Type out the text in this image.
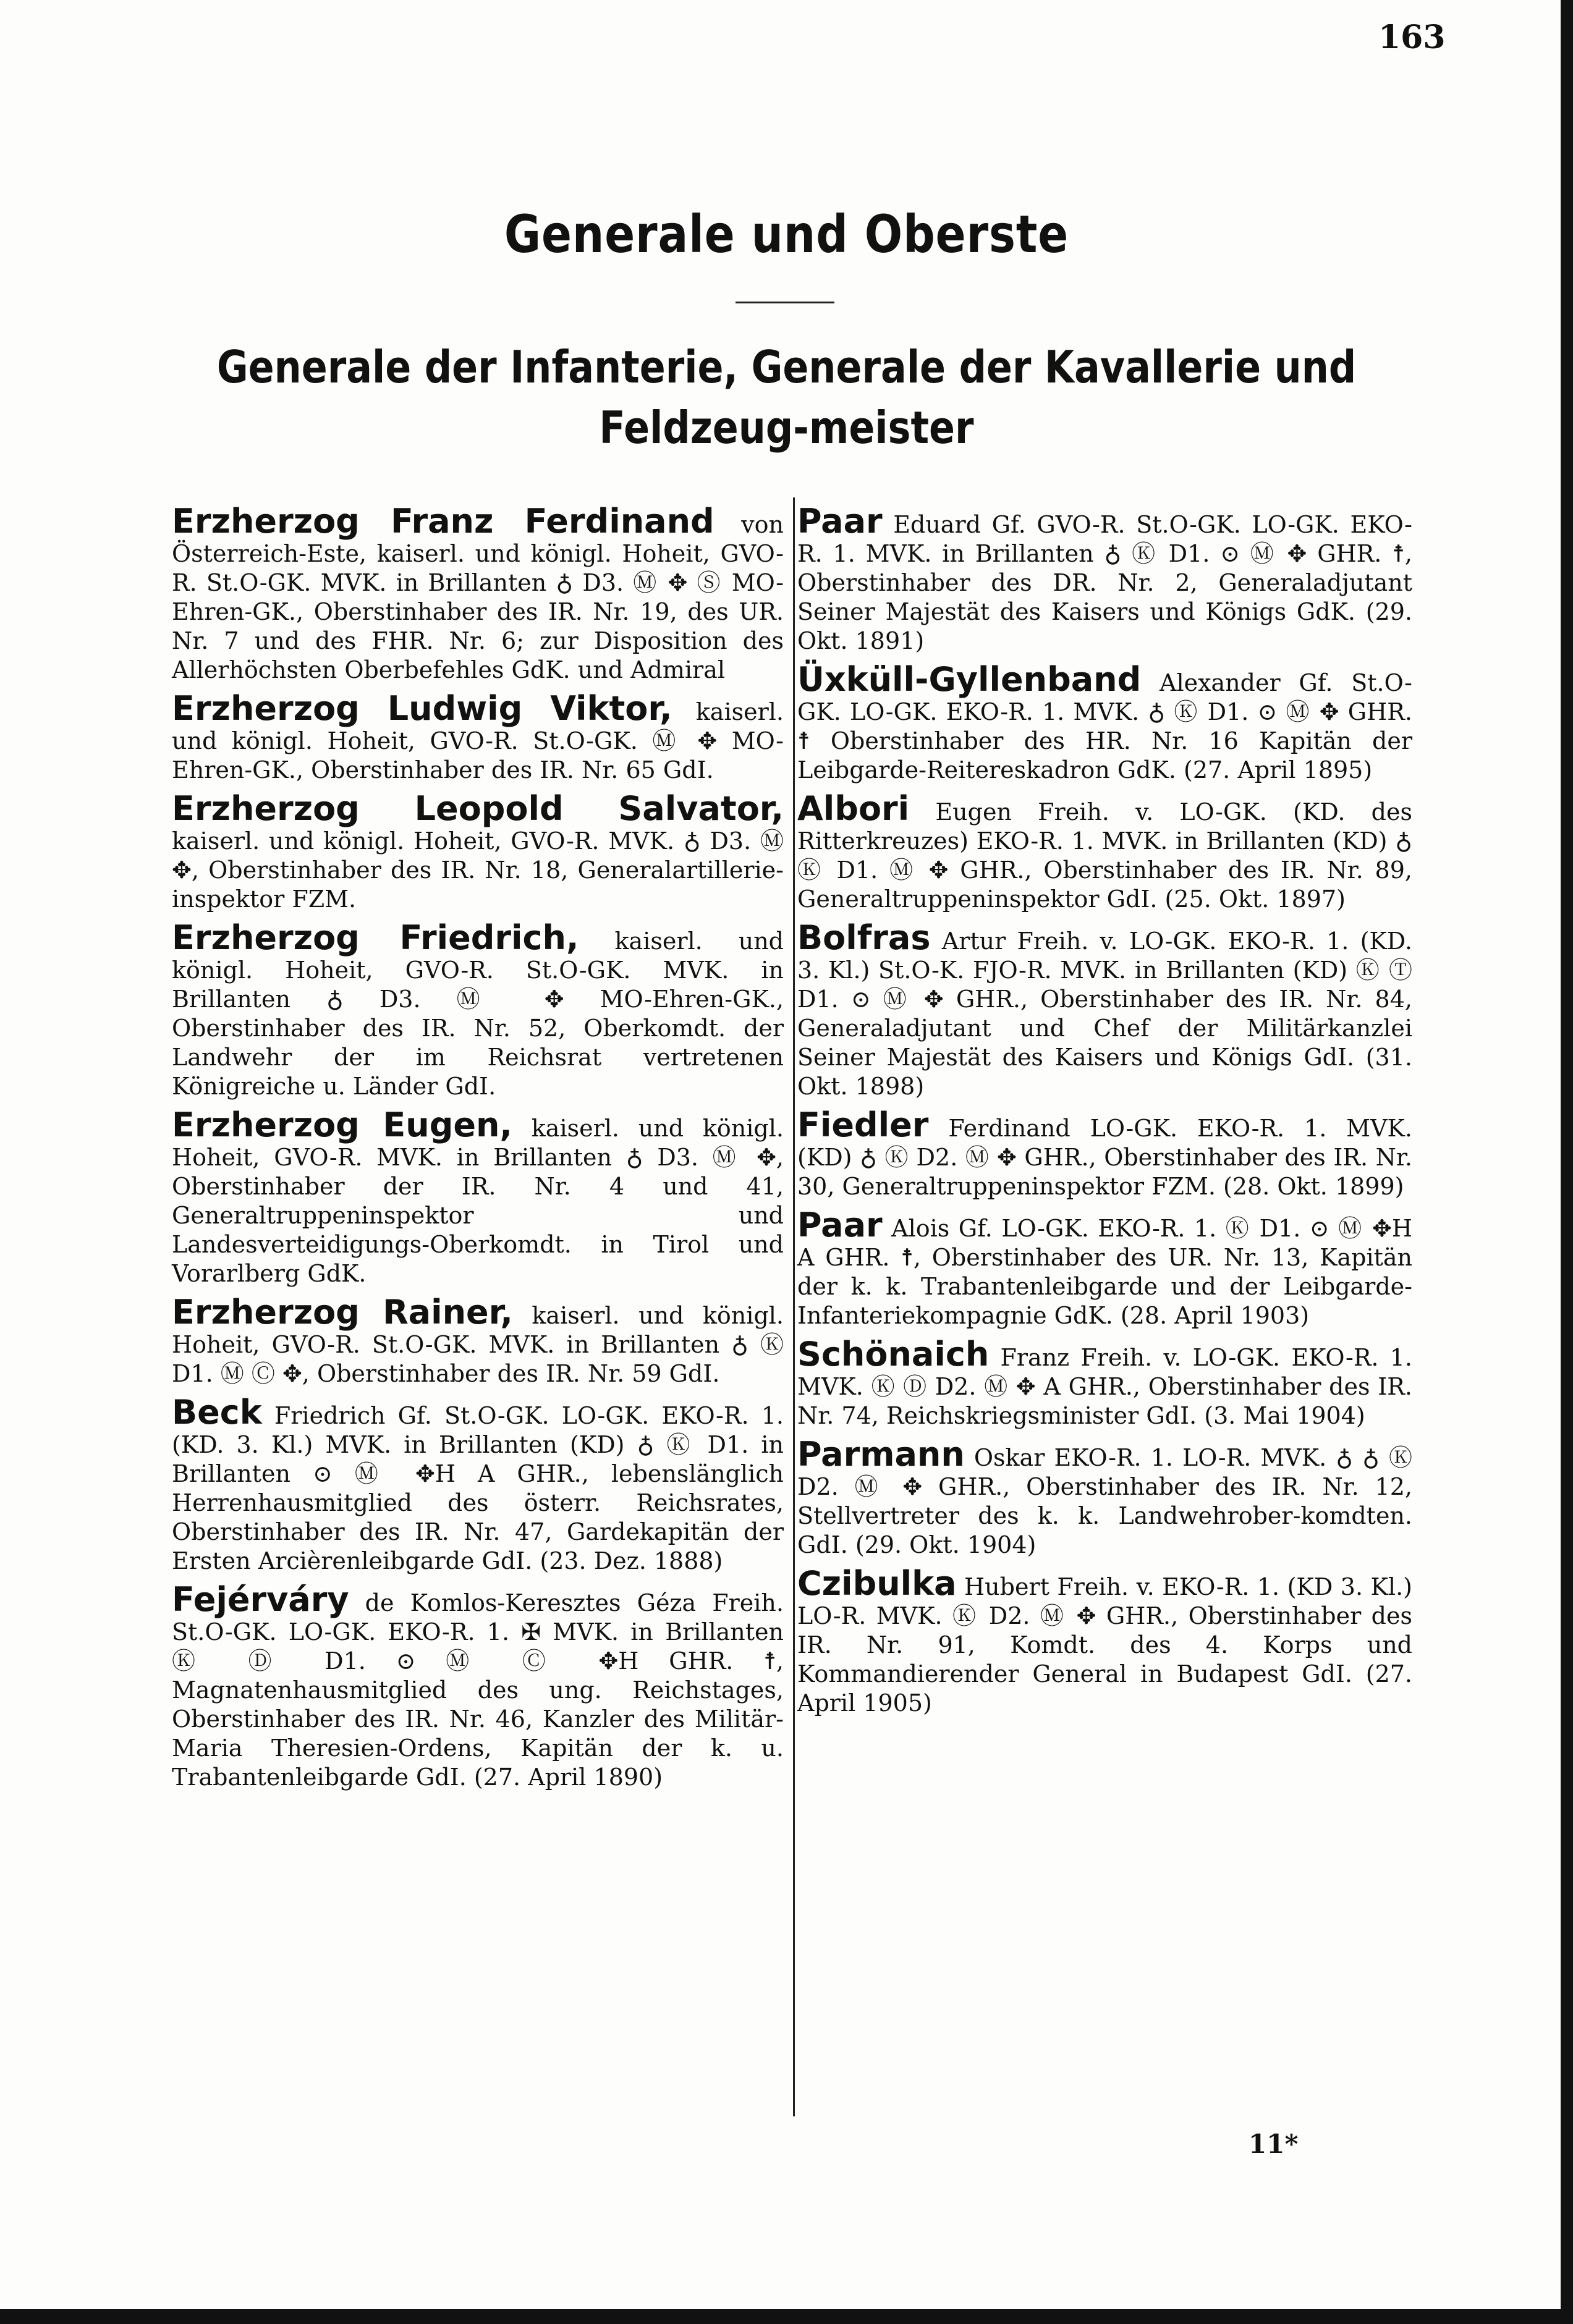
163
Generale und Oberste
Generale der Infanterie, Generale der Kavallerie und Feldzeug-meister
Erzherzog Franz Ferdinand von Österreich-Este, kaiserl. und königl. Hoheit, GVO-R. St.O-GK. MVK. in Brillanten ♁ D3. Ⓜ ✥ Ⓢ MO-Ehren-GK., Oberstinhaber des IR. Nr. 19, des UR. Nr. 7 und des FHR. Nr. 6; zur Disposition des Allerhöchsten Oberbefehles GdK. und Admiral
Erzherzog Ludwig Viktor, kaiserl. und königl. Hoheit, GVO-R. St.O-GK. Ⓜ ✥ MO-Ehren-GK., Oberstinhaber des IR. Nr. 65 GdI.
Erzherzog Leopold Salvator, kaiserl. und königl. Hoheit, GVO-R. MVK. ♁ D3. Ⓜ ✥, Oberstinhaber des IR. Nr. 18, Generalartillerie-inspektor FZM.
Erzherzog Friedrich, kaiserl. und königl. Hoheit, GVO-R. St.O-GK. MVK. in Brillanten ♁ D3. Ⓜ ✥ MO-Ehren-GK., Oberstinhaber des IR. Nr. 52, Oberkomdt. der Landwehr der im Reichsrat vertretenen Königreiche u. Länder GdI.
Erzherzog Eugen, kaiserl. und königl. Hoheit, GVO-R. MVK. in Brillanten ♁ D3. Ⓜ ✥, Oberstinhaber der IR. Nr. 4 und 41, Generaltruppeninspektor und Landesverteidigungs-Oberkomdt. in Tirol und Vorarlberg GdK.
Erzherzog Rainer, kaiserl. und königl. Hoheit, GVO-R. St.O-GK. MVK. in Brillanten ♁ Ⓚ D1. Ⓜ Ⓒ ✥, Oberstinhaber des IR. Nr. 59 GdI.
Beck Friedrich Gf. St.O-GK. LO-GK. EKO-R. 1. (KD. 3. Kl.) MVK. in Brillanten (KD) ♁ Ⓚ D1. in Brillanten ⊙ Ⓜ ✥H A GHR., lebenslänglich Herrenhausmitglied des österr. Reichsrates, Oberstinhaber des IR. Nr. 47, Gardekapitän der Ersten Arcièrenleibgarde GdI. (23. Dez. 1888)
Fejérváry de Komlos-Keresztes Géza Freih. St.O-GK. LO-GK. EKO-R. 1. ✠ MVK. in Brillanten Ⓚ Ⓓ D1. ⊙ Ⓜ Ⓒ ✥H GHR. ☨, Magnatenhausmitglied des ung. Reichstages, Oberstinhaber des IR. Nr. 46, Kanzler des Militär-Maria Theresien-Ordens, Kapitän der k. u. Trabantenleibgarde GdI. (27. April 1890)
Paar Eduard Gf. GVO-R. St.O-GK. LO-GK. EKO-R. 1. MVK. in Brillanten ♁ Ⓚ D1. ⊙ Ⓜ ✥ GHR. ☨, Oberstinhaber des DR. Nr. 2, Generaladjutant Seiner Majestät des Kaisers und Königs GdK. (29. Okt. 1891)
Üxküll-Gyllenband Alexander Gf. St.O-GK. LO-GK. EKO-R. 1. MVK. ♁ Ⓚ D1. ⊙ Ⓜ ✥ GHR. ☨ Oberstinhaber des HR. Nr. 16 Kapitän der Leibgarde-Reitereskadron GdK. (27. April 1895)
Albori Eugen Freih. v. LO-GK. (KD. des Ritterkreuzes) EKO-R. 1. MVK. in Brillanten (KD) ♁ Ⓚ D1. Ⓜ ✥ GHR., Oberstinhaber des IR. Nr. 89, Generaltruppeninspektor GdI. (25. Okt. 1897)
Bolfras Artur Freih. v. LO-GK. EKO-R. 1. (KD. 3. Kl.) St.O-K. FJO-R. MVK. in Brillanten (KD) Ⓚ Ⓣ D1. ⊙ Ⓜ ✥ GHR., Oberstinhaber des IR. Nr. 84, Generaladjutant und Chef der Militärkanzlei Seiner Majestät des Kaisers und Königs GdI. (31. Okt. 1898)
Fiedler Ferdinand LO-GK. EKO-R. 1. MVK. (KD) ♁ Ⓚ D2. Ⓜ ✥ GHR., Oberstinhaber des IR. Nr. 30, Generaltruppeninspektor FZM. (28. Okt. 1899)
Paar Alois Gf. LO-GK. EKO-R. 1. Ⓚ D1. ⊙ Ⓜ ✥H A GHR. ☨, Oberstinhaber des UR. Nr. 13, Kapitän der k. k. Trabantenleibgarde und der Leibgarde-Infanteriekompagnie GdK. (28. April 1903)
Schönaich Franz Freih. v. LO-GK. EKO-R. 1. MVK. Ⓚ Ⓓ D2. Ⓜ ✥ A GHR., Oberstinhaber des IR. Nr. 74, Reichskriegsminister GdI. (3. Mai 1904)
Parmann Oskar EKO-R. 1. LO-R. MVK. ♁ ♁ Ⓚ D2. Ⓜ ✥ GHR., Oberstinhaber des IR. Nr. 12, Stellvertreter des k. k. Landwehrober-komdten. GdI. (29. Okt. 1904)
Czibulka Hubert Freih. v. EKO-R. 1. (KD 3. Kl.) LO-R. MVK. Ⓚ D2. Ⓜ ✥ GHR., Oberstinhaber des IR. Nr. 91, Komdt. des 4. Korps und Kommandierender General in Budapest GdI. (27. April 1905)
11*
